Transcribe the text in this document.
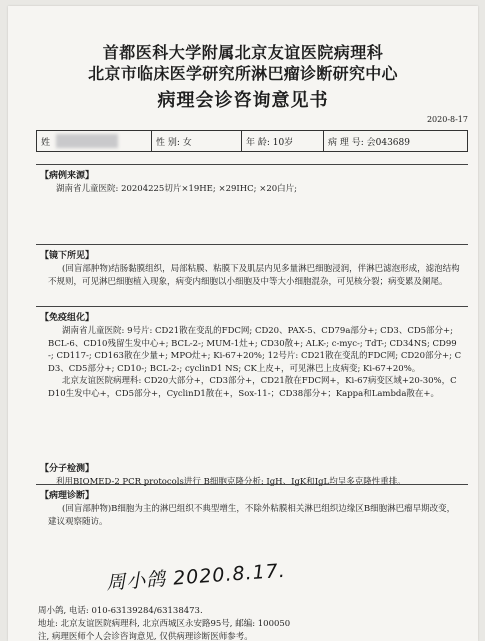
首都医科大学附属北京友谊医院病理科
北京市临床医学研究所淋巴瘤诊断研究中心
病理会诊咨询意见书
2020-8-17
姓	性 别: 女	年 龄: 10岁	病 理 号: 会043689
【病例来源】
湖南省儿童医院: 20204225切片×19HE; ×29IHC; ×20白片;
【镜下所见】
(回盲部肿物)结肠黏膜组织，局部粘膜、粘膜下及肌层内见多量淋巴细胞浸润，伴淋巴滤泡形成，滤泡结构不规则，可见淋巴细胞植入现象，病变内细胞以小细胞及中等大小细胞混杂，可见核分裂；病变累及阑尾。
【免疫组化】

湖南省儿童医院: 9号片: CD21散在变乱的FDC网; CD20、PAX-5、CD79a部分+; CD3、CD5部分+; BCL-6、CD10残留生发中心+; BCL-2-; MUM-1灶+; CD30散+; ALK-; c-myc-; TdT-; CD34NS; CD99-; CD117-; CD163散在少量+; MPO灶+; Ki-67+20%; 12号片: CD21散在变乱的FDC网; CD20部分+; CD3、CD5部分+; CD10-; BCL-2-; cyclinD1 NS; CK上皮+，可见淋巴上皮病变; Ki-67+20%。

北京友谊医院病理科: CD20大部分+，CD3部分+，CD21散在FDC网+，Ki-67病变区域+20-30%，CD10生发中心+，CD5部分+，CyclinD1散在+，Sox-11-；CD38部分+；Kappa和Lambda散在+。

【分子检测】
利用BIOMED-2 PCR protocols进行 B细胞克隆分析: IgH、IgK和IgL均呈多克隆性重排。
【病理诊断】
(回盲部肿物)B细胞为主的淋巴组织不典型增生，不除外粘膜相关淋巴组织边缘区B细胞淋巴瘤早期改变，建议观察随访。
周小鸽 2020.8.17.
周小鸽, 电话: 010-63139284/63138473.
地址: 北京友谊医院病理科, 北京西城区永安路95号, 邮编: 100050
注, 病理医师个人会诊咨询意见, 仅供病理诊断医师参考。
